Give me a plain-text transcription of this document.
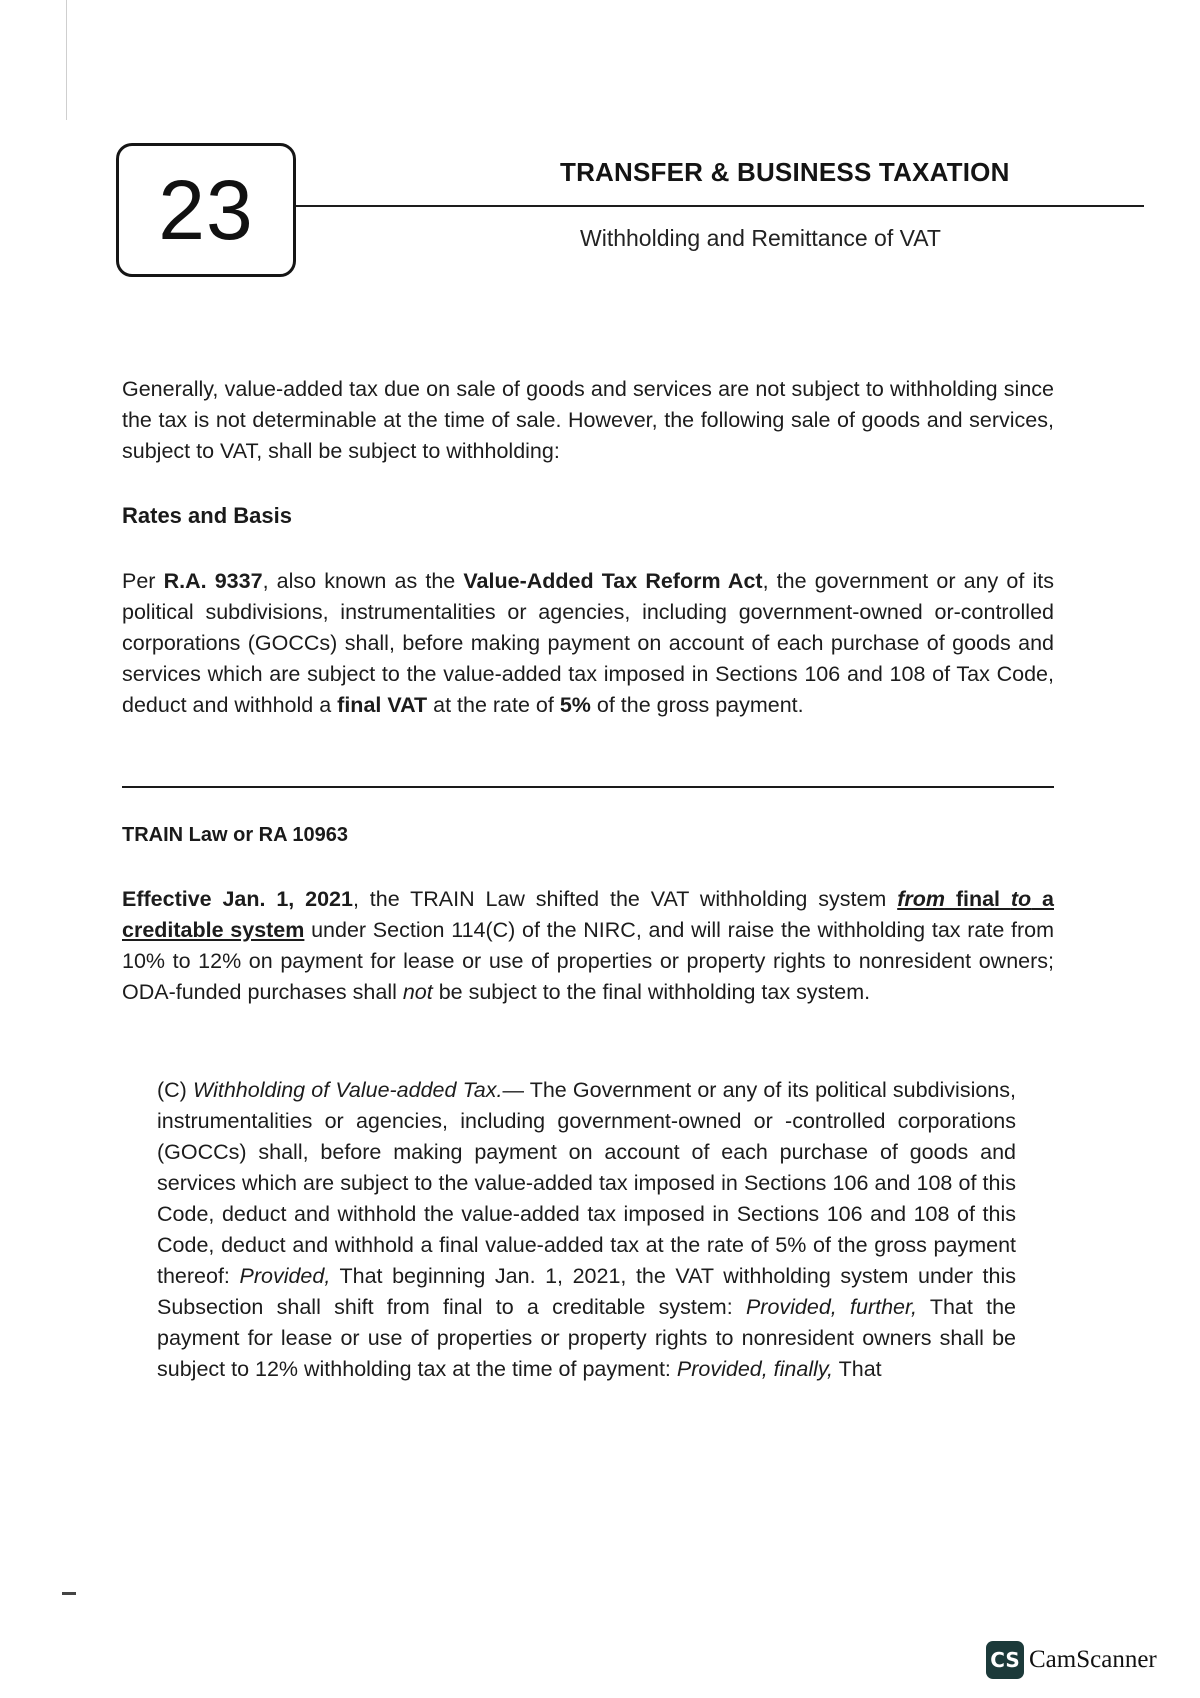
23	TRANSFER & BUSINESS TAXATION
Withholding and Remittance of VAT

Generally, value-added tax due on sale of goods and services are not subject to withholding since the tax is not determinable at the time of sale. However, the following sale of goods and services, subject to VAT, shall be subject to withholding:

Rates and Basis

Per R.A. 9337, also known as the Value-Added Tax Reform Act, the government or any of its political subdivisions, instrumentalities or agencies, including government-owned or-controlled corporations (GOCCs) shall, before making payment on account of each purchase of goods and services which are subject to the value-added tax imposed in Sections 106 and 108 of Tax Code, deduct and withhold a final VAT at the rate of 5% of the gross payment.

TRAIN Law or RA 10963

Effective Jan. 1, 2021, the TRAIN Law shifted the VAT withholding system from final to a creditable system under Section 114(C) of the NIRC, and will raise the withholding tax rate from 10% to 12% on payment for lease or use of properties or property rights to nonresident owners; ODA-funded purchases shall not be subject to the final withholding tax system.

(C) Withholding of Value-added Tax.— The Government or any of its political subdivisions, instrumentalities or agencies, including government-owned or -controlled corporations (GOCCs) shall, before making payment on account of each purchase of goods and services which are subject to the value-added tax imposed in Sections 106 and 108 of this Code, deduct and withhold the value-added tax imposed in Sections 106 and 108 of this Code, deduct and withhold a final value-added tax at the rate of 5% of the gross payment thereof: Provided, That beginning Jan. 1, 2021, the VAT withholding system under this Subsection shall shift from final to a creditable system: Provided, further, That the payment for lease or use of properties or property rights to nonresident owners shall be subject to 12% withholding tax at the time of payment: Provided, finally, That

CS CamScanner
